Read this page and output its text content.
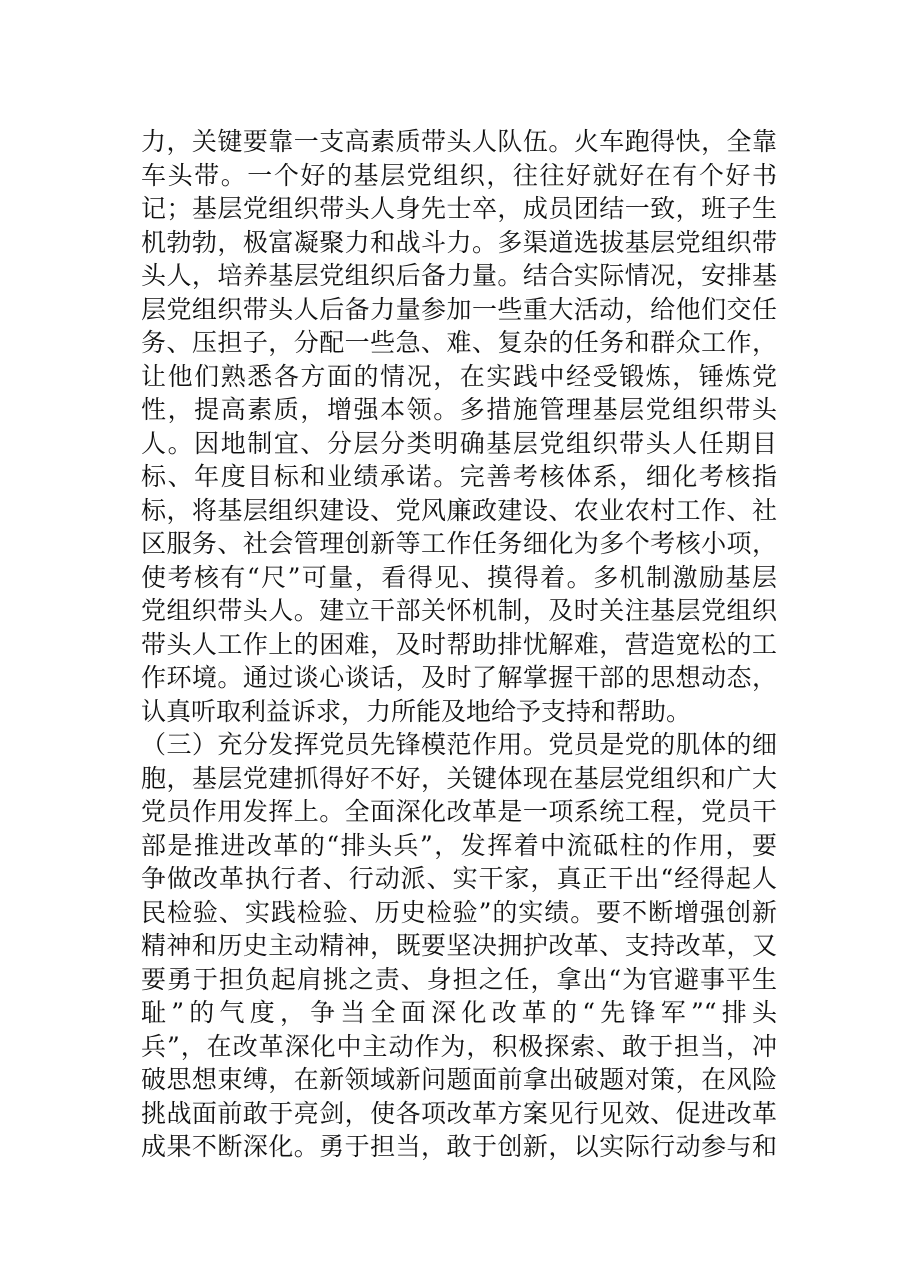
力，关键要靠一支高素质带头人队伍。火车跑得快，全靠
车头带。一个好的基层党组织，往往好就好在有个好书
记；基层党组织带头人身先士卒，成员团结一致，班子生
机勃勃，极富凝聚力和战斗力。多渠道选拔基层党组织带
头人，培养基层党组织后备力量。结合实际情况，安排基
层党组织带头人后备力量参加一些重大活动，给他们交任
务、压担子，分配一些急、难、复杂的任务和群众工作，
让他们熟悉各方面的情况，在实践中经受锻炼，锤炼党
性，提高素质，增强本领。多措施管理基层党组织带头
人。因地制宜、分层分类明确基层党组织带头人任期目
标、年度目标和业绩承诺。完善考核体系，细化考核指
标，将基层组织建设、党风廉政建设、农业农村工作、社
区服务、社会管理创新等工作任务细化为多个考核小项，
使考核有“尺”可量，看得见、摸得着。多机制激励基层
党组织带头人。建立干部关怀机制，及时关注基层党组织
带头人工作上的困难，及时帮助排忧解难，营造宽松的工
作环境。通过谈心谈话，及时了解掌握干部的思想动态，
认真听取利益诉求，力所能及地给予支持和帮助。
（三）充分发挥党员先锋模范作用。党员是党的肌体的细
胞，基层党建抓得好不好，关键体现在基层党组织和广大
党员作用发挥上。全面深化改革是一项系统工程，党员干
部是推进改革的“排头兵”，发挥着中流砥柱的作用，要
争做改革执行者、行动派、实干家，真正干出“经得起人
民检验、实践检验、历史检验”的实绩。要不断增强创新
精神和历史主动精神，既要坚决拥护改革、支持改革，又
要勇于担负起肩挑之责、身担之任，拿出“为官避事平生
耻”的气度，争当全面深化改革的“先锋军”“排头
兵”，在改革深化中主动作为，积极探索、敢于担当，冲
破思想束缚，在新领域新问题面前拿出破题对策，在风险
挑战面前敢于亮剑，使各项改革方案见行见效、促进改革
成果不断深化。勇于担当，敢于创新，以实际行动参与和
